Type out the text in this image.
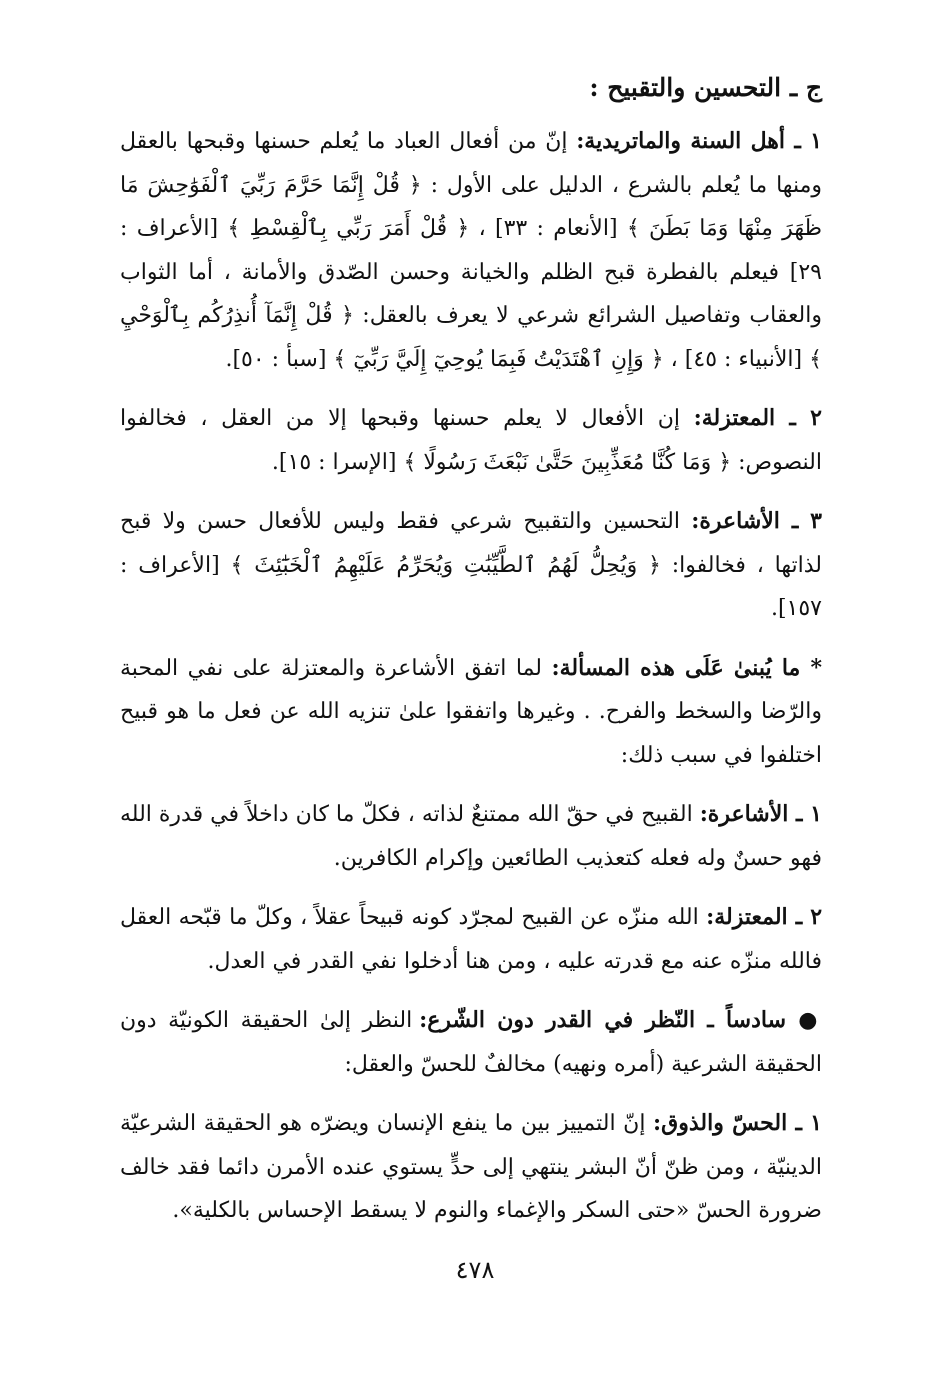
ج ـ التحسين والتقبيح :

١ ـ أهل السنة والماتريدية: إنّ من أفعال العباد ما يُعلم حسنها وقبحها بالعقل ومنها ما يُعلم بالشرع ، الدليل على الأول : ﴿ قُلْ إِنَّمَا حَرَّمَ رَبِّيَ ٱلْفَوَٰحِشَ مَا ظَهَرَ مِنْهَا وَمَا بَطَنَ ﴾ [الأنعام : ٣٣] ، ﴿ قُلْ أَمَرَ رَبِّي بِٱلْقِسْطِ ﴾ [الأعراف : ٢٩] فيعلم بالفطرة قبح الظلم والخيانة وحسن الصّدق والأمانة ، أما الثواب والعقاب وتفاصيل الشرائع شرعي لا يعرف بالعقل: ﴿ قُلْ إِنَّمَآ أُنذِرُكُم بِٱلْوَحْيِ ﴾ [الأنبياء : ٤٥] ، ﴿ وَإِنِ ٱهْتَدَيْتُ فَبِمَا يُوحِيٓ إِلَيَّ رَبِّيٓ ﴾ [سبأ : ٥٠].

٢ ـ المعتزلة: إن الأفعال لا يعلم حسنها وقبحها إلا من العقل ، فخالفوا النصوص: ﴿ وَمَا كُنَّا مُعَذِّبِينَ حَتَّىٰ نَبْعَثَ رَسُولًا ﴾ [الإسرا : ١٥].

٣ ـ الأشاعرة: التحسين والتقبيح شرعي فقط وليس للأفعال حسن ولا قبح لذاتها ، فخالفوا: ﴿ وَيُحِلُّ لَهُمُ ٱلطَّيِّبَٰتِ وَيُحَرِّمُ عَلَيْهِمُ ٱلْخَبَٰٓئِثَ ﴾ [الأعراف : ١٥٧].

* ما يُبنىٰ عَلَى هذه المسألة: لما اتفق الأشاعرة والمعتزلة على نفي المحبة والرّضا والسخط والفرح. . وغيرها واتفقوا علىٰ تنزيه الله عن فعل ما هو قبيح اختلفوا في سبب ذلك:

١ ـ الأشاعرة: القبيح في حقّ الله ممتنعٌ لذاته ، فكلّ ما كان داخلاً في قدرة الله فهو حسنٌ وله فعله كتعذيب الطائعين وإكرام الكافرين.

٢ ـ المعتزلة: الله منزّه عن القبيح لمجرّد كونه قبيحاً عقلاً ، وكلّ ما قبّحه العقل فالله منزّه عنه مع قدرته عليه ، ومن هنا أدخلوا نفي القدر في العدل.

● سادساً ـ النّظر في القدر دون الشّرع: النظر إلىٰ الحقيقة الكونيّة دون الحقيقة الشرعية (أمره ونهيه) مخالفٌ للحسّ والعقل:

١ ـ الحسّ والذوق: إنّ التمييز بين ما ينفع الإنسان ويضرّه هو الحقيقة الشرعيّة الدينيّة ، ومن ظنّ أنّ البشر ينتهي إلى حدٍّ يستوي عنده الأمرن دائما فقد خالف ضرورة الحسّ «حتى السكر والإغماء والنوم لا يسقط الإحساس بالكلية».

٤٧٨
